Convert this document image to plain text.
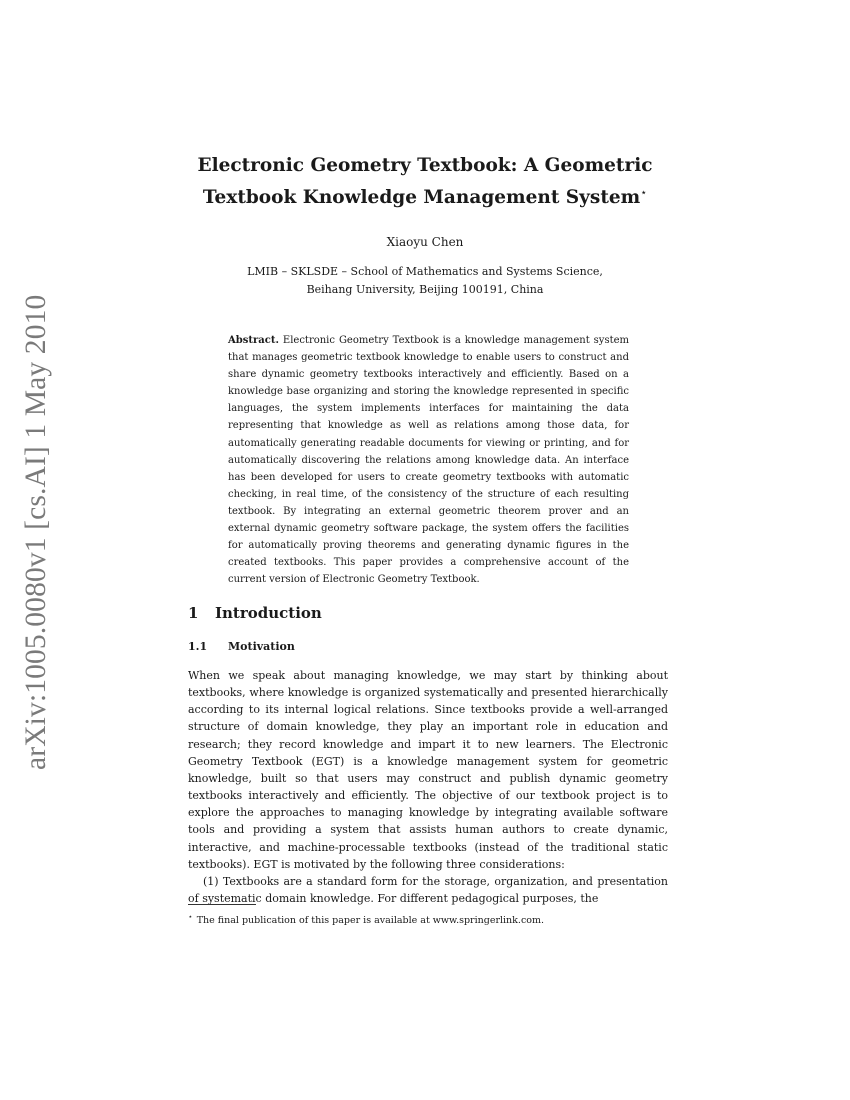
arXiv:1005.0080v1 [cs.AI] 1 May 2010
Electronic Geometry Textbook: A Geometric
Textbook Knowledge Management System⋆

Xiaoyu Chen

LMIB – SKLSDE – School of Mathematics and Systems Science,
Beihang University, Beijing 100191, China

Abstract. Electronic Geometry Textbook is a knowledge management system that manages geometric textbook knowledge to enable users to construct and share dynamic geometry textbooks interactively and efficiently. Based on a knowledge base organizing and storing the knowledge represented in specific languages, the system implements interfaces for maintaining the data representing that knowledge as well as relations among those data, for automatically generating readable documents for viewing or printing, and for automatically discovering the relations among knowledge data. An interface has been developed for users to create geometry textbooks with automatic checking, in real time, of the consistency of the structure of each resulting textbook. By integrating an external geometric theorem prover and an external dynamic geometry software package, the system offers the facilities for automatically proving theorems and generating dynamic figures in the created textbooks. This paper provides a comprehensive account of the current version of Electronic Geometry Textbook.

1 Introduction
1.1 Motivation

When we speak about managing knowledge, we may start by thinking about textbooks, where knowledge is organized systematically and presented hierarchically according to its internal logical relations. Since textbooks provide a well-arranged structure of domain knowledge, they play an important role in education and research; they record knowledge and impart it to new learners. The Electronic Geometry Textbook (EGT) is a knowledge management system for geometric knowledge, built so that users may construct and publish dynamic geometry textbooks interactively and efficiently. The objective of our textbook project is to explore the approaches to managing knowledge by integrating available software tools and providing a system that assists human authors to create dynamic, interactive, and machine-processable textbooks (instead of the traditional static textbooks). EGT is motivated by the following three considerations:

(1) Textbooks are a standard form for the storage, organization, and presentation of systematic domain knowledge. For different pedagogical purposes, the

⋆ The final publication of this paper is available at www.springerlink.com.
